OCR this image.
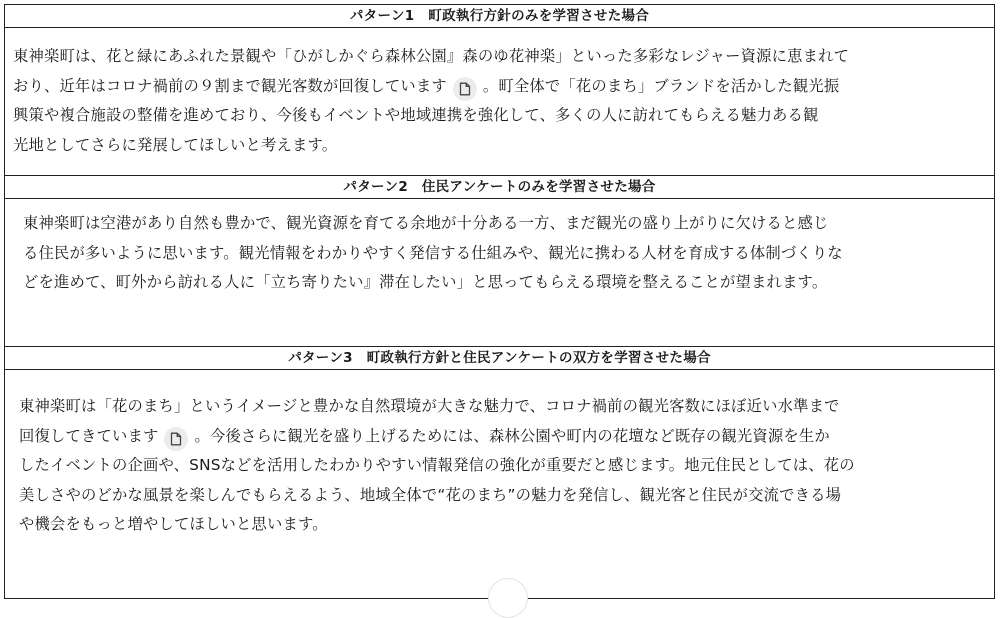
パターン1　町政執行方針のみを学習させた場合
東神楽町は、花と緑にあふれた景観や「ひがしかぐら森林公園』森のゆ花神楽」といった多彩なレジャー資源に恵まれて
おり、近年はコロナ禍前の９割まで観光客数が回復しています 。町全体で「花のまち」ブランドを活かした観光振
興策や複合施設の整備を進めており、今後もイベントや地域連携を強化して、多くの人に訪れてもらえる魅力ある観
光地としてさらに発展してほしいと考えます。
パターン2　住民アンケートのみを学習させた場合
東神楽町は空港があり自然も豊かで、観光資源を育てる余地が十分ある一方、まだ観光の盛り上がりに欠けると感じ
る住民が多いように思います。観光情報をわかりやすく発信する仕組みや、観光に携わる人材を育成する体制づくりな
どを進めて、町外から訪れる人に「立ち寄りたい』滞在したい」と思ってもらえる環境を整えることが望まれます。
パターン3　町政執行方針と住民アンケートの双方を学習させた場合
東神楽町は「花のまち」というイメージと豊かな自然環境が大きな魅力で、コロナ禍前の観光客数にほぼ近い水準まで
回復してきています 。今後さらに観光を盛り上げるためには、森林公園や町内の花壇など既存の観光資源を生か
したイベントの企画や、SNSなどを活用したわかりやすい情報発信の強化が重要だと感じます。地元住民としては、花の
美しさやのどかな風景を楽しんでもらえるよう、地域全体で“花のまち”の魅力を発信し、観光客と住民が交流できる場
や機会をもっと増やしてほしいと思います。
